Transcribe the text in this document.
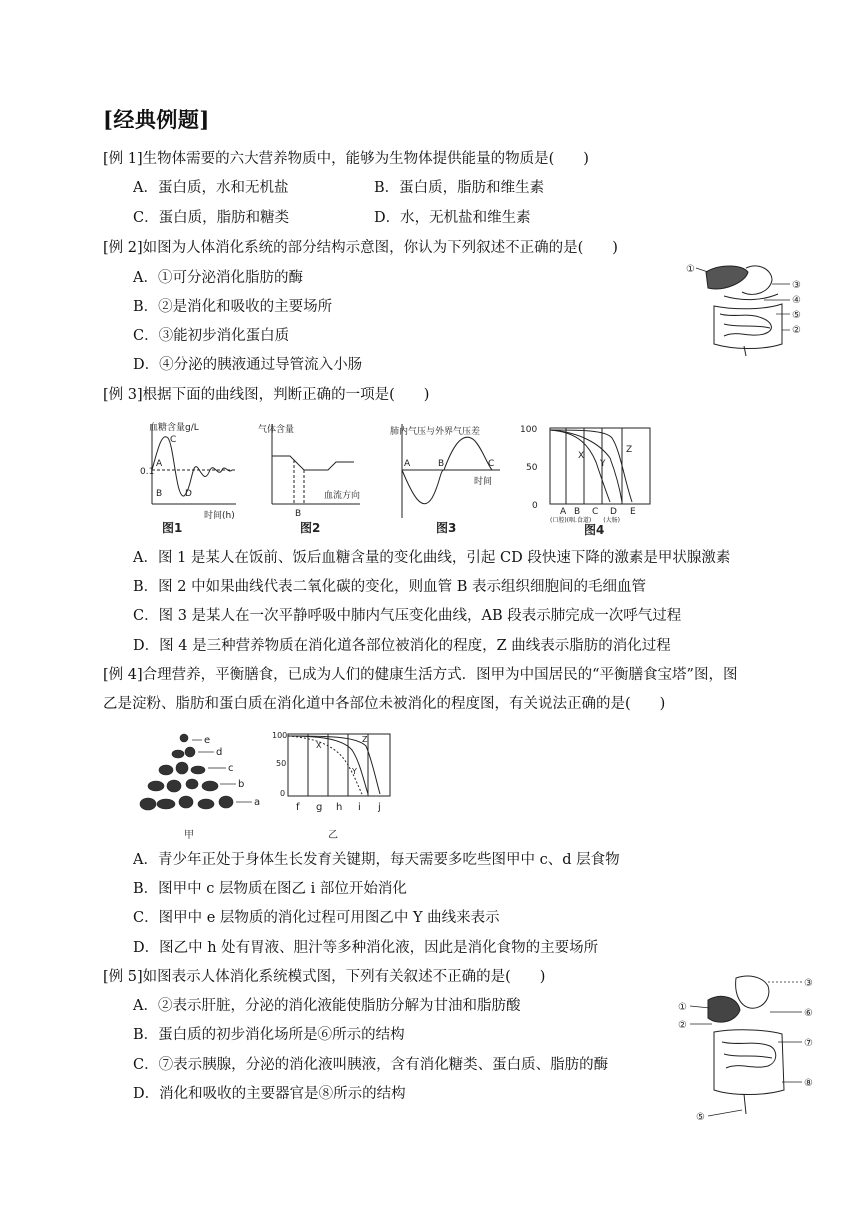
[经典例题]
[例 1]生物体需要的六大营养物质中，能够为生物体提供能量的物质是(　　)
A．蛋白质，水和无机盐	B．蛋白质，脂肪和维生素
C．蛋白质，脂肪和糖类	D．水，无机盐和维生素
[例 2]如图为人体消化系统的部分结构示意图，你认为下列叙述不正确的是(　　)
A．①可分泌消化脂肪的酶
B．②是消化和吸收的主要场所
C．③能初步消化蛋白质
D．④分泌的胰液通过导管流入小肠
①
③
④
⑤
②
[例 3]根据下面的曲线图，判断正确的一项是(　　)
血糖含量g/L
0.1
A
C
B	D
时间(h)
图1
气体含量
B
血流方向
图2
肺内气压与外界气压差
A	B	C
时间
图3
100
50
0
X
Y
Z
A B C D E
(口腔)(咽.食道)　　(大肠)
图4
A．图 1 是某人在饭前、饭后血糖含量的变化曲线，引起 CD 段快速下降的激素是甲状腺激素
B．图 2 中如果曲线代表二氧化碳的变化，则血管 B 表示组织细胞间的毛细血管
C．图 3 是某人在一次平静呼吸中肺内气压变化曲线，AB 段表示肺完成一次呼气过程
D．图 4 是三种营养物质在消化道各部位被消化的程度，Z 曲线表示脂肪的消化过程
[例 4]合理营养，平衡膳食，已成为人们的健康生活方式．图甲为中国居民的“平衡膳食宝塔”图，图
乙是淀粉、脂肪和蛋白质在消化道中各部位未被消化的程度图，有关说法正确的是(　　)
e
d
c
b
a
甲
100
50
0
X
Y
Z
f g h i j
乙
A．青少年正处于身体生长发育关键期，每天需要多吃些图甲中 c、d 层食物
B．图甲中 c 层物质在图乙 i 部位开始消化
C．图甲中 e 层物质的消化过程可用图乙中 Y 曲线来表示
D．图乙中 h 处有胃液、胆汁等多种消化液，因此是消化食物的主要场所
[例 5]如图表示人体消化系统模式图，下列有关叙述不正确的是(　　)
A．②表示肝脏，分泌的消化液能使脂肪分解为甘油和脂肪酸
B．蛋白质的初步消化场所是⑥所示的结构
C．⑦表示胰腺，分泌的消化液叫胰液，含有消化糖类、蛋白质、脂肪的酶
D．消化和吸收的主要器官是⑧所示的结构
①
②
③
⑥
⑦
⑧
⑤
